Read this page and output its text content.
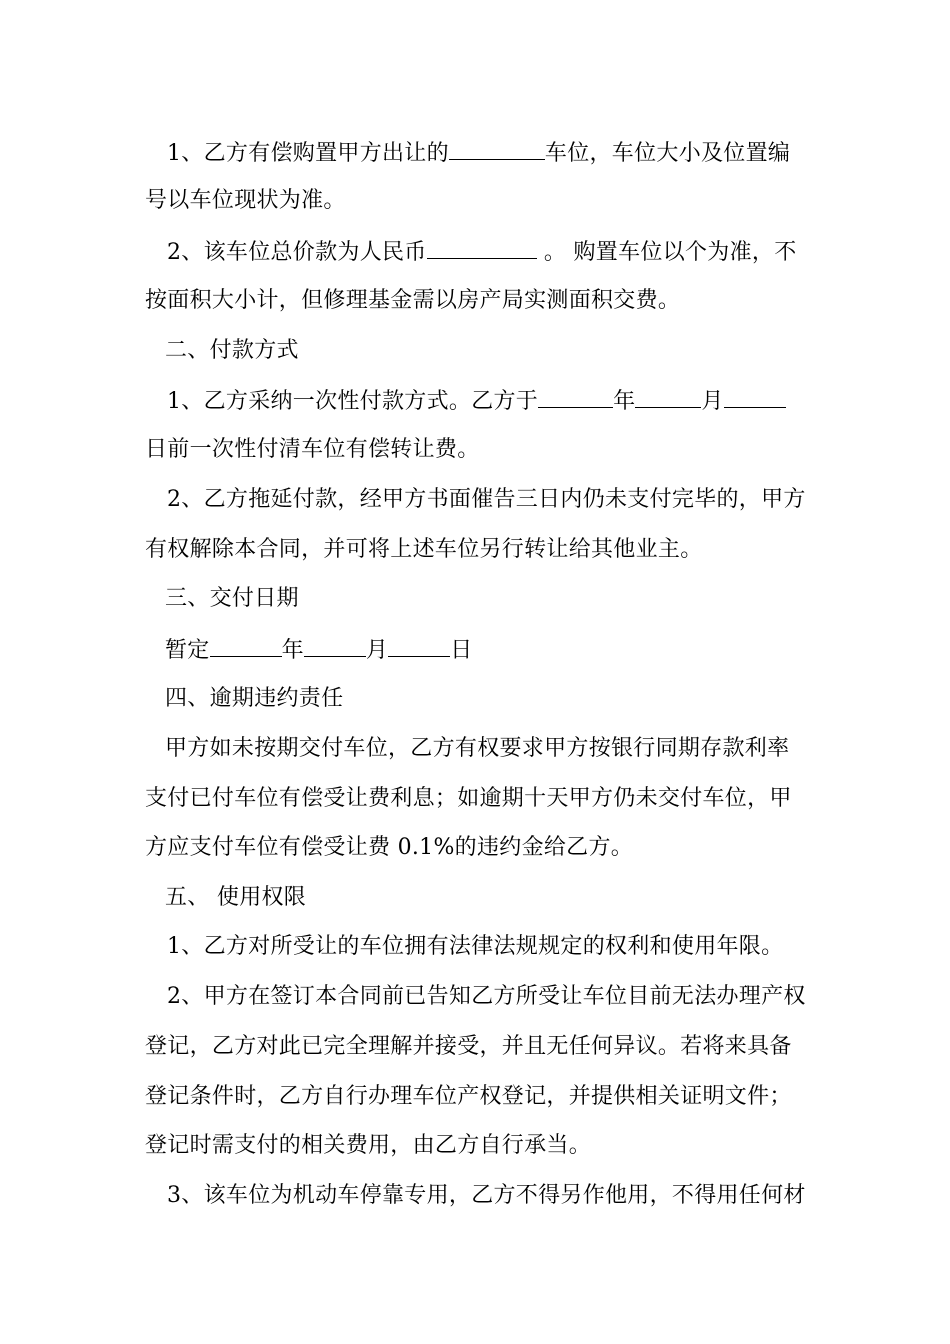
1、乙方有偿购置甲方出让的	车位，车位大小及位置编
号以车位现状为准。
2、该车位总价款为人民币	。 购置车位以个为准，不
按面积大小计，但修理基金需以房产局实测面积交费。
二、付款方式
1、乙方采纳一次性付款方式。乙方于	年	月
日前一次性付清车位有偿转让费。
2、乙方拖延付款，经甲方书面催告三日内仍未支付完毕的，甲方
有权解除本合同，并可将上述车位另行转让给其他业主。
三、交付日期
暂定	年	月	日
四、逾期违约责任
甲方如未按期交付车位，乙方有权要求甲方按银行同期存款利率
支付已付车位有偿受让费利息；如逾期十天甲方仍未交付车位，甲
方应支付车位有偿受让费 0.1%的违约金给乙方。
五、 使用权限
1、乙方对所受让的车位拥有法律法规规定的权利和使用年限。
2、甲方在签订本合同前已告知乙方所受让车位目前无法办理产权
登记，乙方对此已完全理解并接受，并且无任何异议。若将来具备
登记条件时，乙方自行办理车位产权登记，并提供相关证明文件；
登记时需支付的相关费用，由乙方自行承当。
3、该车位为机动车停靠专用，乙方不得另作他用，不得用任何材
